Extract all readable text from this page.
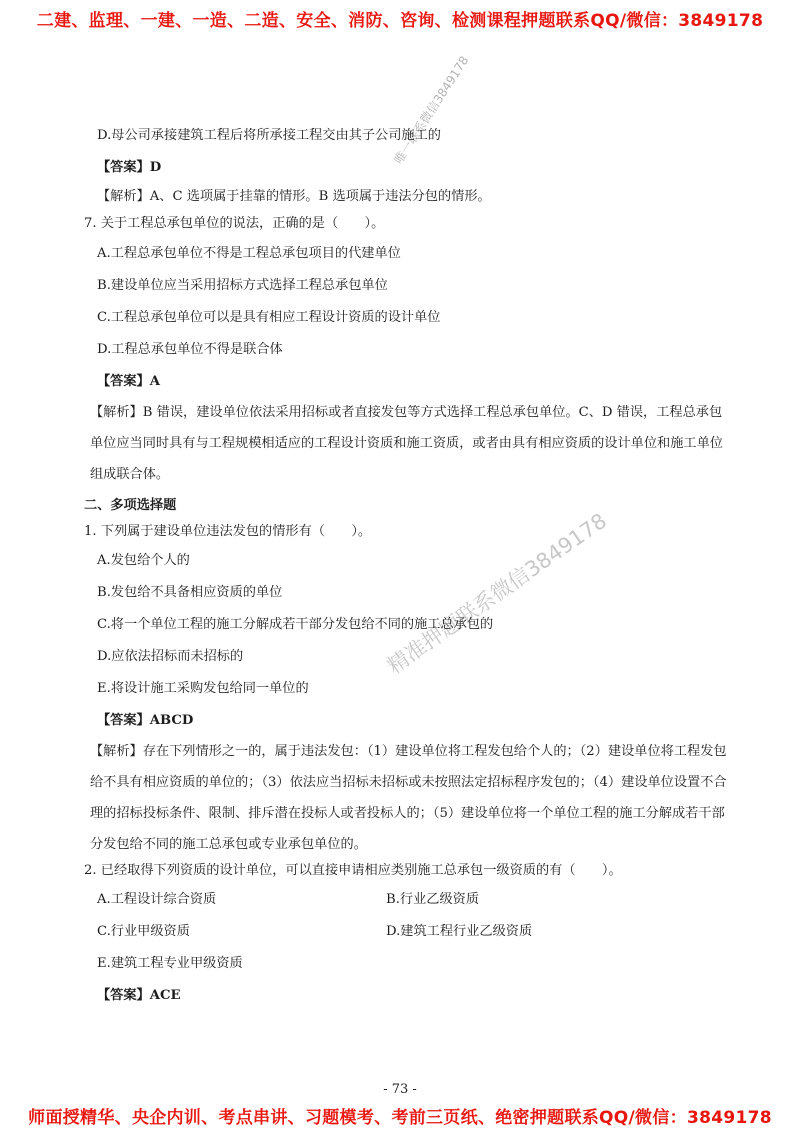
二建、监理、一建、一造、二造、安全、消防、咨询、检测课程押题联系QQ/微信：3849178
唯一联系微信3849178
精准押题联系微信3849178
D.母公司承接建筑工程后将所承接工程交由其子公司施工的
【答案】D
【解析】A、C 选项属于挂靠的情形。B 选项属于违法分包的情形。
7. 关于工程总承包单位的说法，正确的是（　　）。
A.工程总承包单位不得是工程总承包项目的代建单位
B.建设单位应当采用招标方式选择工程总承包单位
C.工程总承包单位可以是具有相应工程设计资质的设计单位
D.工程总承包单位不得是联合体
【答案】A
【解析】B 错误，建设单位依法采用招标或者直接发包等方式选择工程总承包单位。C、D 错误，工程总承包单位应当同时具有与工程规模相适应的工程设计资质和施工资质，或者由具有相应资质的设计单位和施工单位组成联合体。
二、多项选择题
1. 下列属于建设单位违法发包的情形有（　　）。
A.发包给个人的
B.发包给不具备相应资质的单位
C.将一个单位工程的施工分解成若干部分发包给不同的施工总承包的
D.应依法招标而未招标的
E.将设计施工采购发包给同一单位的
【答案】ABCD
【解析】存在下列情形之一的，属于违法发包：（1）建设单位将工程发包给个人的；（2）建设单位将工程发包给不具有相应资质的单位的；（3）依法应当招标未招标或未按照法定招标程序发包的；（4）建设单位设置不合理的招标投标条件、限制、排斥潜在投标人或者投标人的；（5）建设单位将一个单位工程的施工分解成若干部分发包给不同的施工总承包或专业承包单位的。
2. 已经取得下列资质的设计单位，可以直接申请相应类别施工总承包一级资质的有（　　）。
A.工程设计综合资质	B.行业乙级资质
C.行业甲级资质	D.建筑工程行业乙级资质
E.建筑工程专业甲级资质
【答案】ACE
- 73 -
师面授精华、央企内训、考点串讲、习题模考、考前三页纸、绝密押题联系QQ/微信：3849178
